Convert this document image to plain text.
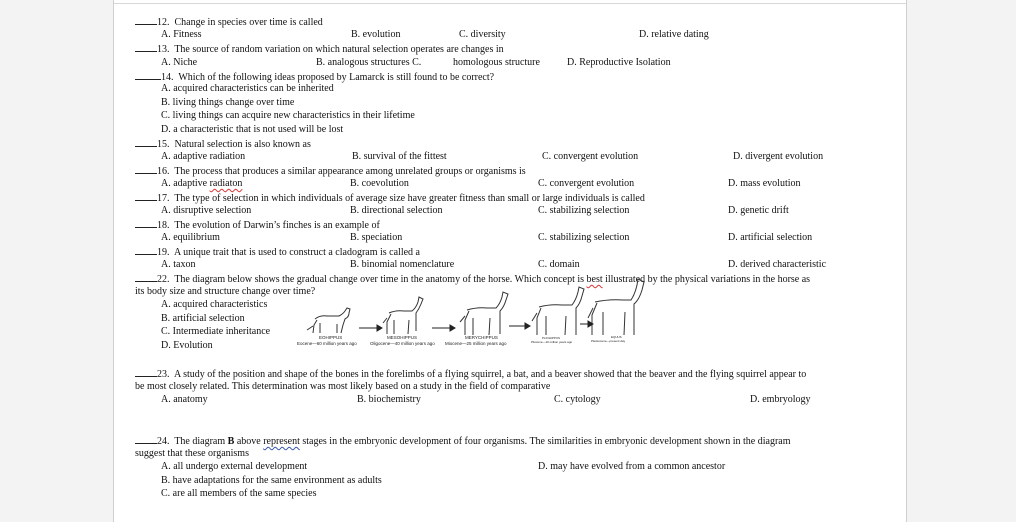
12. Change in species over time is called
A. Fitness	B. evolution	C. diversity	D. relative dating
13. The source of random variation on which natural selection operates are changes in
A. Niche	B. analogous structures C.	homologous structure	D. Reproductive Isolation
14. Which of the following ideas proposed by Lamarck is still found to be correct?
A. acquired characteristics can be inherited
B. living things change over time
C. living things can acquire new characteristics in their lifetime
D. a characteristic that is not used will be lost
15. Natural selection is also known as
A. adaptive radiation	B. survival of the fittest	C. convergent evolution	D. divergent evolution
16. The process that produces a similar appearance among unrelated groups or organisms is
A. adaptive radiaton	B. coevolution	C. convergent evolution	D. mass evolution
17. The type of selection in which individuals of average size have greater fitness than small or large individuals is called
A. disruptive selection	B. directional selection	C. stabilizing selection	D. genetic drift
18. The evolution of Darwin’s finches is an example of
A. equilibrium	B. speciation	C. stabilizing selection	D. artificial selection
19. A unique trait that is used to construct a cladogram is called a
A. taxon	B. binomial nomenclature	C. domain	D. derived characteristic
22. The diagram below shows the gradual change over time in the anatomy of the horse. Which concept is best illustrated by the physical variations in the horse as
its body size and structure change over time?
A. acquired characteristics
B. artificial selection
C. Intermediate inheritance
D. Evolution
EOHIPPUS
Eocene—60 million years ago
MESOHIPPUS
Oligocene—40 million years ago
MERYCHIPPUS
Miocene—25 million years ago
PLIOHIPPUS
Pliocene—10 million years ago
EQUUS
Pleistocene—present day
23. A study of the position and shape of the bones in the forelimbs of a flying squirrel, a bat, and a beaver showed that the beaver and the flying squirrel appear to
be most closely related. This determination was most likely based on a study in the field of comparative
A. anatomy	B. biochemistry	C. cytology	D. embryology
24. The diagram B above represent stages in the embryonic development of four organisms. The similarities in embryonic development shown in the diagram
suggest that these organisms
A. all undergo external development	D. may have evolved from a common ancestor
B. have adaptations for the same environment as adults
C. are all members of the same species
